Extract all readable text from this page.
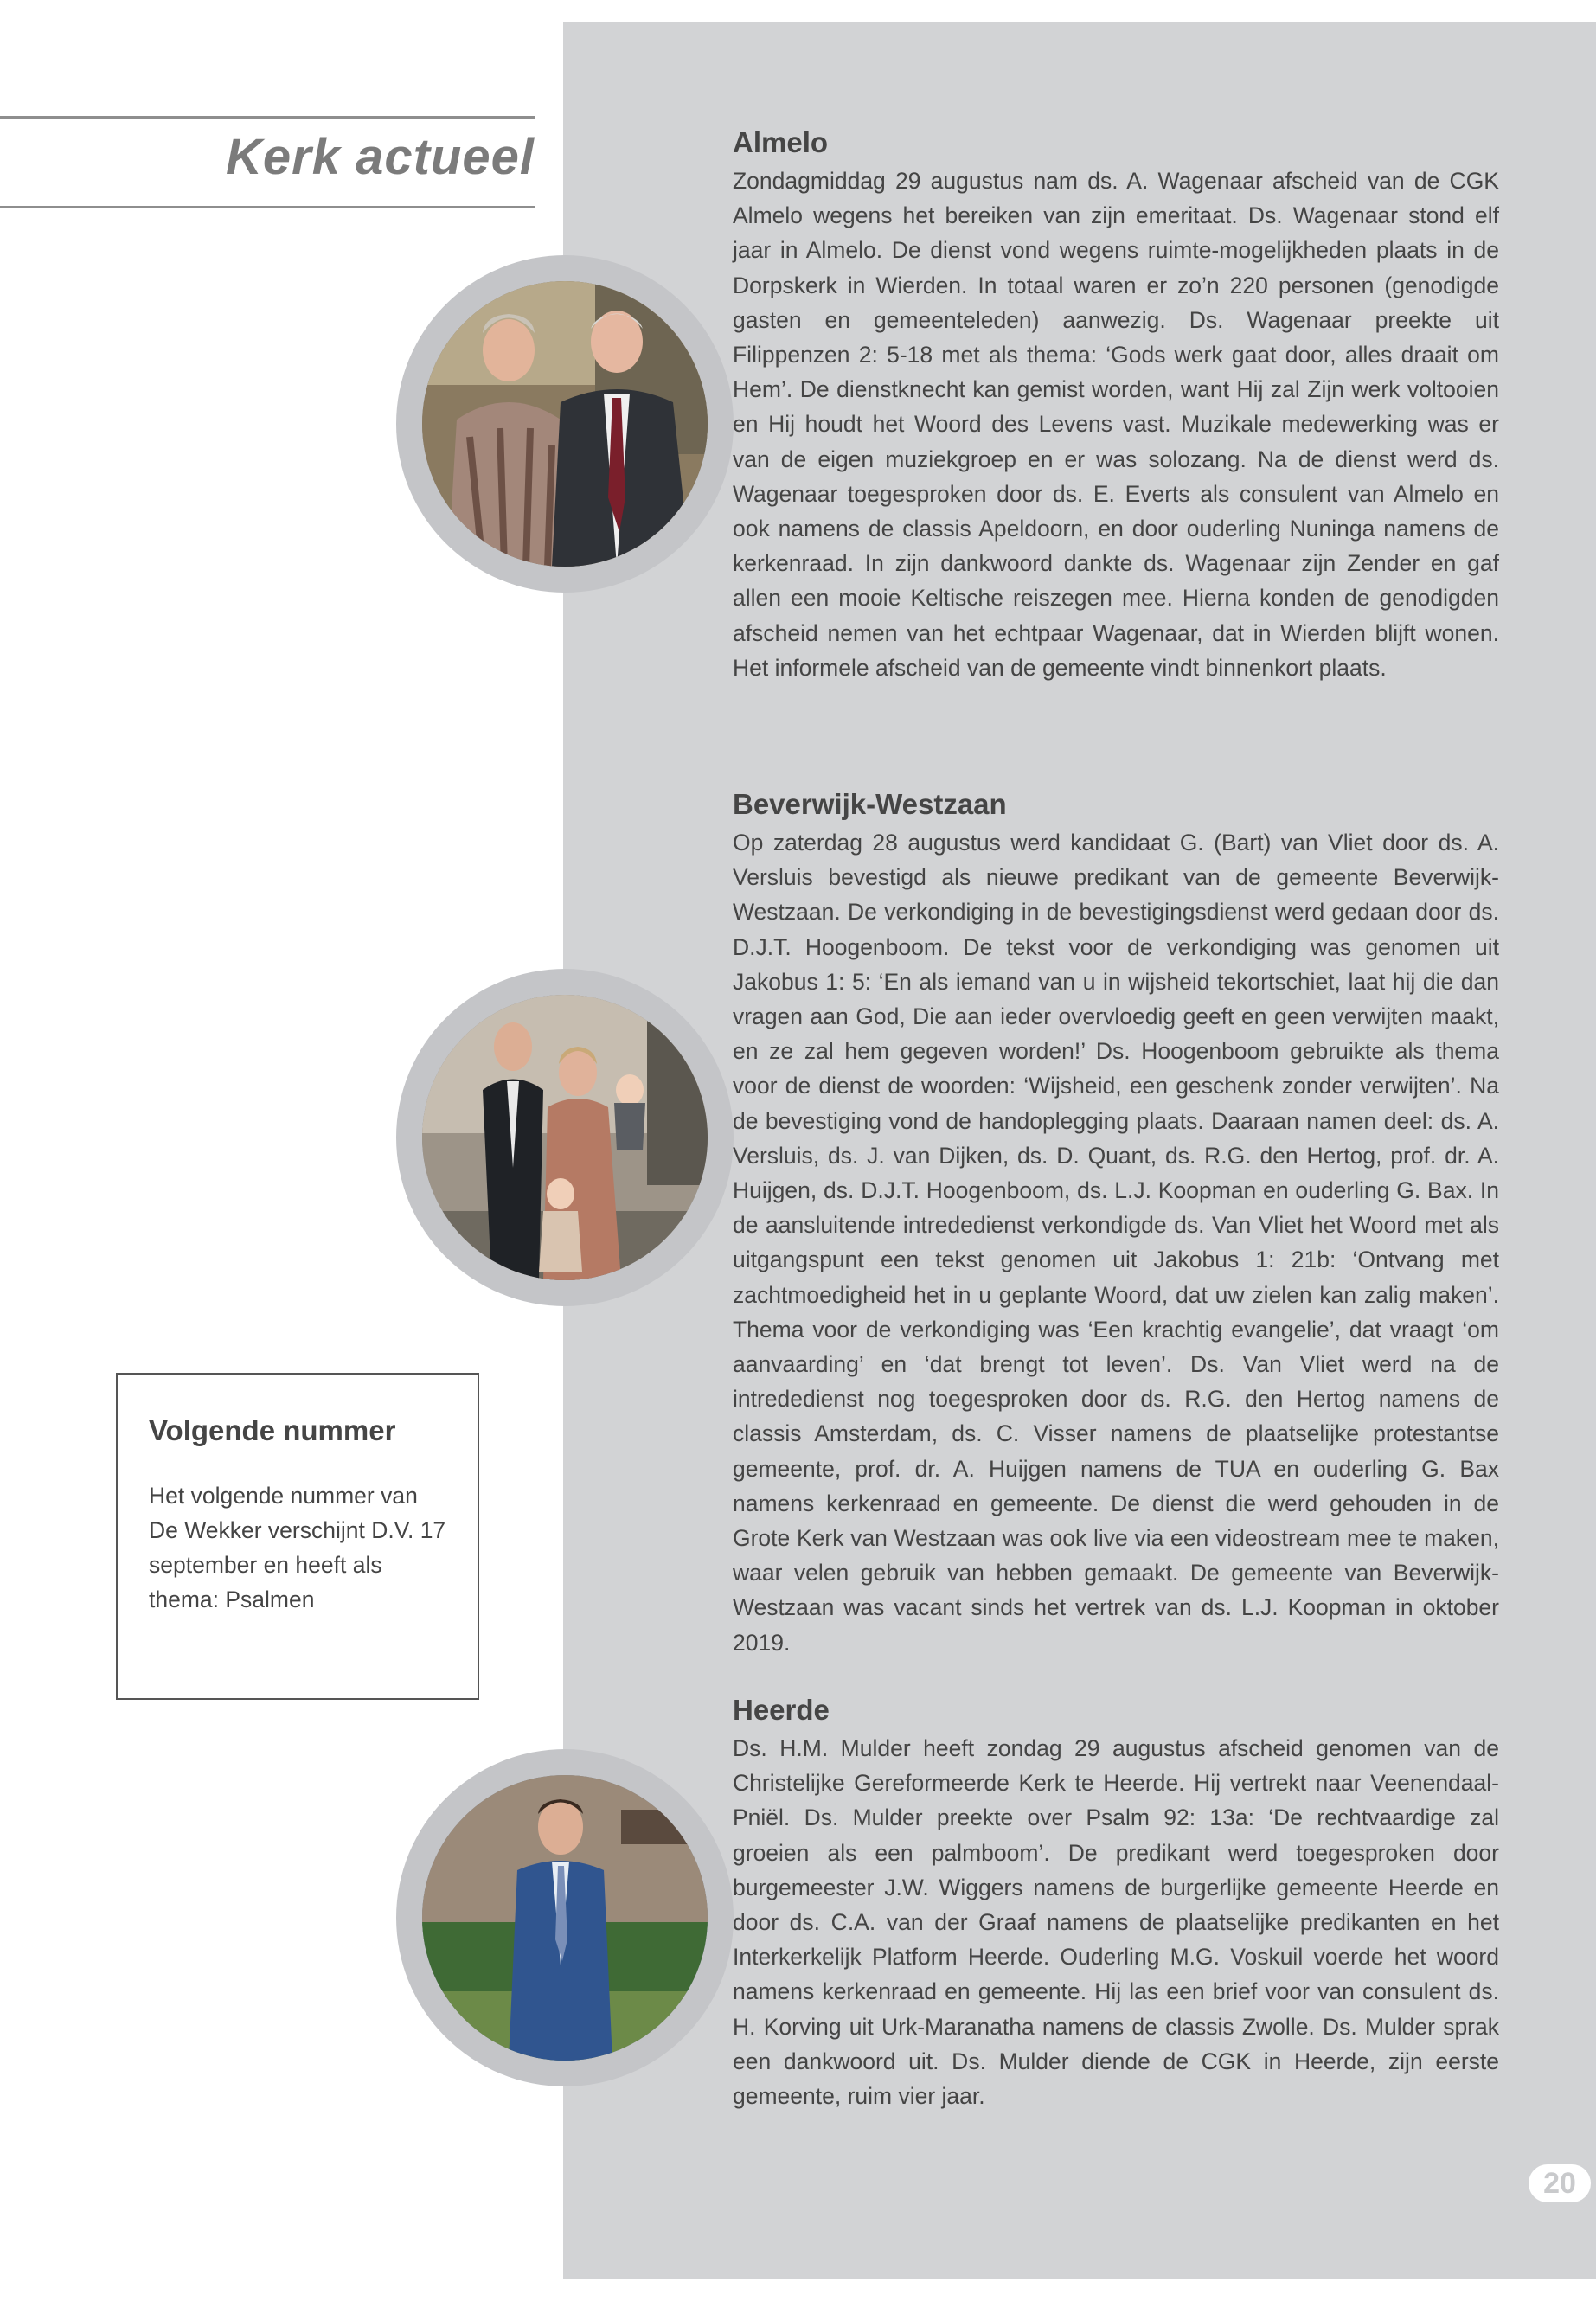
Kerk actueel	Almelo

Zondagmiddag 29 augustus nam ds. A. Wagenaar afscheid van de CGK Almelo wegens het bereiken van zijn emeritaat. Ds. Wagenaar stond elf jaar in Almelo. De dienst vond wegens ruimte-mogelijkheden plaats in de Dorpskerk in Wierden. In totaal waren er zo’n 220 personen (genodigde gasten en gemeenteleden) aanwezig. Ds. Wagenaar preekte uit Filippenzen 2: 5-18 met als thema: ‘Gods werk gaat door, alles draait om Hem’. De dienstknecht kan gemist worden, want Hij zal Zijn werk voltooien en Hij houdt het Woord des Levens vast. Muzikale medewerking was er van de eigen muziekgroep en er was solozang. Na de dienst werd ds. Wagenaar toegesproken door ds. E. Everts als consulent van Almelo en ook namens de classis Apeldoorn, en door ouderling Nuninga namens de kerkenraad. In zijn dankwoord dankte ds. Wagenaar zijn Zender en gaf allen een mooie Keltische reiszegen mee. Hierna konden de genodigden afscheid nemen van het echtpaar Wagenaar, dat in Wierden blijft wonen. Het informele afscheid van de gemeente vindt binnenkort plaats.

Beverwijk-Westzaan

Op zaterdag 28 augustus werd kandidaat G. (Bart) van Vliet door ds. A. Versluis bevestigd als nieuwe predikant van de gemeente Beverwijk-Westzaan. De verkondiging in de bevestigingsdienst werd gedaan door ds. D.J.T. Hoogenboom. De tekst voor de verkondiging was genomen uit Jakobus 1: 5: ‘En als iemand van u in wijsheid tekortschiet, laat hij die dan vragen aan God, Die aan ieder overvloedig geeft en geen verwijten maakt, en ze zal hem gegeven worden!’ Ds. Hoogenboom gebruikte als thema voor de dienst de woorden: ‘Wijsheid, een geschenk zonder verwijten’. Na de bevestiging vond de handoplegging plaats. Daaraan namen deel: ds. A. Versluis, ds. J. van Dijken, ds. D. Quant, ds. R.G. den Hertog, prof. dr. A. Huijgen, ds. D.J.T. Hoogenboom, ds. L.J. Koopman en ouderling G. Bax. In de aansluitende intrededienst verkondigde ds. Van Vliet het Woord met als uitgangspunt een tekst genomen uit Jakobus 1: 21b: ‘Ontvang met zachtmoedigheid het in u geplante Woord, dat uw zielen kan zalig maken’. Thema voor de verkondiging was ‘Een krachtig evangelie’, dat vraagt ‘om aanvaarding’ en ‘dat brengt tot leven’. Ds. Van Vliet werd na de intrededienst nog toegesproken door ds. R.G. den Hertog namens de classis Amsterdam, ds. C. Visser namens de plaatselijke protestantse gemeente, prof. dr. A. Huijgen namens de TUA en ouderling G. Bax namens kerkenraad en gemeente. De dienst die werd gehouden in de Grote Kerk van Westzaan was ook live via een videostream mee te maken, waar velen gebruik van hebben gemaakt. De gemeente van Beverwijk-Westzaan was vacant sinds het vertrek van ds. L.J. Koopman in oktober 2019.

Heerde

Ds. H.M. Mulder heeft zondag 29 augustus afscheid genomen van de Christelijke Gereformeerde Kerk te Heerde. Hij vertrekt naar Veenendaal-Pniël. Ds. Mulder preekte over Psalm 92: 13a: ‘De rechtvaardige zal groeien als een palmboom’. De predikant werd toegesproken door burgemeester J.W. Wiggers namens de burgerlijke gemeente Heerde en door ds. C.A. van der Graaf namens de plaatselijke predikanten en het Interkerkelijk Platform Heerde. Ouderling M.G. Voskuil voerde het woord namens kerkenraad en gemeente. Hij las een brief voor van consulent ds. H. Korving uit Urk-Maranatha namens de classis Zwolle. Ds. Mulder sprak een dankwoord uit. Ds. Mulder diende de CGK in Heerde, zijn eerste gemeente, ruim vier jaar.

Volgende nummer

Het volgende nummer van De Wekker verschijnt D.V. 17 september en heeft als thema: Psalmen

20
